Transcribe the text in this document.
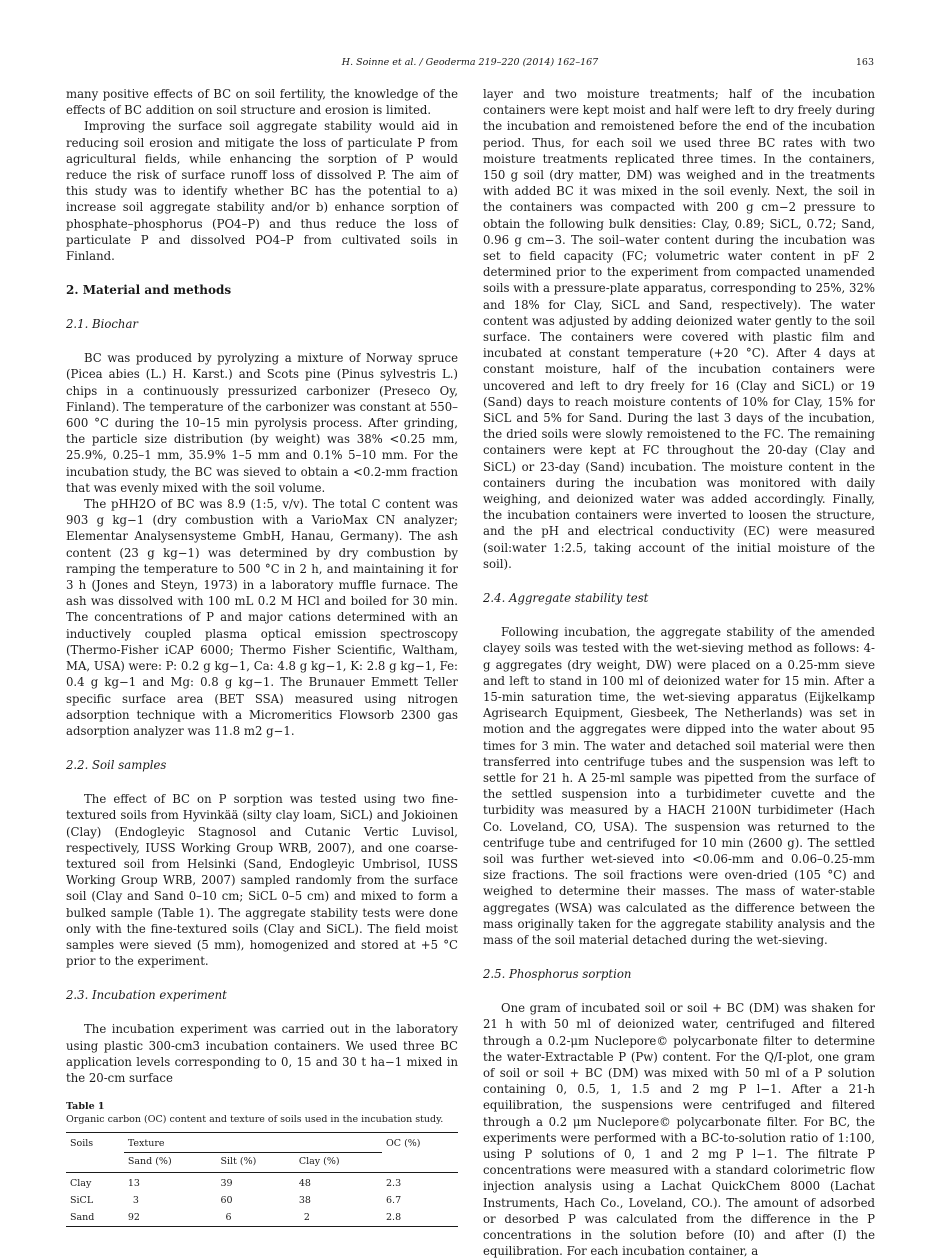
H. Soinne et al. / Geoderma 219–220 (2014) 162–167	163

many positive effects of BC on soil fertility, the knowledge of the effects of BC addition on soil structure and erosion is limited.

Improving the surface soil aggregate stability would aid in reducing soil erosion and mitigate the loss of particulate P from agricultural fields, while enhancing the sorption of P would reduce the risk of surface runoff loss of dissolved P. The aim of this study was to identify whether BC has the potential to a) increase soil aggregate stability and/or b) enhance sorption of phosphate–phosphorus (PO4–P) and thus reduce the loss of particulate P and dissolved PO4–P from cultivated soils in Finland.

2. Material and methods
2.1. Biochar

BC was produced by pyrolyzing a mixture of Norway spruce (Picea abies (L.) H. Karst.) and Scots pine (Pinus sylvestris L.) chips in a continuously pressurized carbonizer (Preseco Oy, Finland). The temperature of the carbonizer was constant at 550–600 °C during the 10–15 min pyrolysis process. After grinding, the particle size distribution (by weight) was 38% <0.25 mm, 25.9%, 0.25–1 mm, 35.9% 1–5 mm and 0.1% 5–10 mm. For the incubation study, the BC was sieved to obtain a <0.2-mm fraction that was evenly mixed with the soil volume.

The pHH2O of BC was 8.9 (1:5, v/v). The total C content was 903 g kg−1 (dry combustion with a VarioMax CN analyzer; Elementar Analysensysteme GmbH, Hanau, Germany). The ash content (23 g kg−1) was determined by dry combustion by ramping the temperature to 500 °C in 2 h, and maintaining it for 3 h (Jones and Steyn, 1973) in a laboratory muffle furnace. The ash was dissolved with 100 mL 0.2 M HCl and boiled for 30 min. The concentrations of P and major cations determined with an inductively coupled plasma optical emission spectroscopy (Thermo-Fisher iCAP 6000; Thermo Fisher Scientific, Waltham, MA, USA) were: P: 0.2 g kg−1, Ca: 4.8 g kg−1, K: 2.8 g kg−1, Fe: 0.4 g kg−1 and Mg: 0.8 g kg−1. The Brunauer Emmett Teller specific surface area (BET SSA) measured using nitrogen adsorption technique with a Micromeritics Flowsorb 2300 gas adsorption analyzer was 11.8 m2 g−1.

2.2. Soil samples

The effect of BC on P sorption was tested using two fine-textured soils from Hyvinkää (silty clay loam, SiCL) and Jokioinen (Clay) (Endogleyic Stagnosol and Cutanic Vertic Luvisol, respectively, IUSS Working Group WRB, 2007), and one coarse-textured soil from Helsinki (Sand, Endogleyic Umbrisol, IUSS Working Group WRB, 2007) sampled randomly from the surface soil (Clay and Sand 0–10 cm; SiCL 0–5 cm) and mixed to form a bulked sample (Table 1). The aggregate stability tests were done only with the fine-textured soils (Clay and SiCL). The field moist samples were sieved (5 mm), homogenized and stored at +5 °C prior to the experiment.

2.3. Incubation experiment

The incubation experiment was carried out in the laboratory using plastic 300-cm3 incubation containers. We used three BC application levels corresponding to 0, 15 and 30 t ha−1 mixed in the 20-cm surface

Table 1
Organic carbon (OC) content and texture of soils used in the incubation study.
Soils	Texture			OC (%)
	Sand (%)	Silt (%)	Clay (%)	
Clay	13	39	48	2.3
SiCL	3	60	38	6.7
Sand	92	6	2	2.8

layer and two moisture treatments; half of the incubation containers were kept moist and half were left to dry freely during the incubation and remoistened before the end of the incubation period. Thus, for each soil we used three BC rates with two moisture treatments replicated three times. In the containers, 150 g soil (dry matter, DM) was weighed and in the treatments with added BC it was mixed in the soil evenly. Next, the soil in the containers was compacted with 200 g cm−2 pressure to obtain the following bulk densities: Clay, 0.89; SiCL, 0.72; Sand, 0.96 g cm−3. The soil–water content during the incubation was set to field capacity (FC; volumetric water content in pF 2 determined prior to the experiment from compacted unamended soils with a pressure-plate apparatus, corresponding to 25%, 32% and 18% for Clay, SiCL and Sand, respectively). The water content was adjusted by adding deionized water gently to the soil surface. The containers were covered with plastic film and incubated at constant temperature (+20 °C). After 4 days at constant moisture, half of the incubation containers were uncovered and left to dry freely for 16 (Clay and SiCL) or 19 (Sand) days to reach moisture contents of 10% for Clay, 15% for SiCL and 5% for Sand. During the last 3 days of the incubation, the dried soils were slowly remoistened to the FC. The remaining containers were kept at FC throughout the 20-day (Clay and SiCL) or 23-day (Sand) incubation. The moisture content in the containers during the incubation was monitored with daily weighing, and deionized water was added accordingly. Finally, the incubation containers were inverted to loosen the structure, and the pH and electrical conductivity (EC) were measured (soil:water 1:2.5, taking account of the initial moisture of the soil).

2.4. Aggregate stability test

Following incubation, the aggregate stability of the amended clayey soils was tested with the wet-sieving method as follows: 4-g aggregates (dry weight, DW) were placed on a 0.25-mm sieve and left to stand in 100 ml of deionized water for 15 min. After a 15-min saturation time, the wet-sieving apparatus (Eijkelkamp Agrisearch Equipment, Giesbeek, The Netherlands) was set in motion and the aggregates were dipped into the water about 95 times for 3 min. The water and detached soil material were then transferred into centrifuge tubes and the suspension was left to settle for 21 h. A 25-ml sample was pipetted from the surface of the settled suspension into a turbidimeter cuvette and the turbidity was measured by a HACH 2100N turbidimeter (Hach Co. Loveland, CO, USA). The suspension was returned to the centrifuge tube and centrifuged for 10 min (2600 g). The settled soil was further wet-sieved into <0.06-mm and 0.06–0.25-mm size fractions. The soil fractions were oven-dried (105 °C) and weighed to determine their masses. The mass of water-stable aggregates (WSA) was calculated as the difference between the mass originally taken for the aggregate stability analysis and the mass of the soil material detached during the wet-sieving.

2.5. Phosphorus sorption

One gram of incubated soil or soil + BC (DM) was shaken for 21 h with 50 ml of deionized water, centrifuged and filtered through a 0.2-μm Nuclepore© polycarbonate filter to determine the water-Extractable P (Pw) content. For the Q/I-plot, one gram of soil or soil + BC (DM) was mixed with 50 ml of a P solution containing 0, 0.5, 1, 1.5 and 2 mg P l−1. After a 21-h equilibration, the suspensions were centrifuged and filtered through a 0.2 μm Nuclepore© polycarbonate filter. For BC, the experiments were performed with a BC-to-solution ratio of 1:100, using P solutions of 0, 1 and 2 mg P l−1. The filtrate P concentrations were measured with a standard colorimetric flow injection analysis using a Lachat QuickChem 8000 (Lachat Instruments, Hach Co., Loveland, CO.). The amount of adsorbed or desorbed P was calculated from the difference in the P concentrations in the solution before (I0) and after (I) the equilibration. For each incubation container, a
